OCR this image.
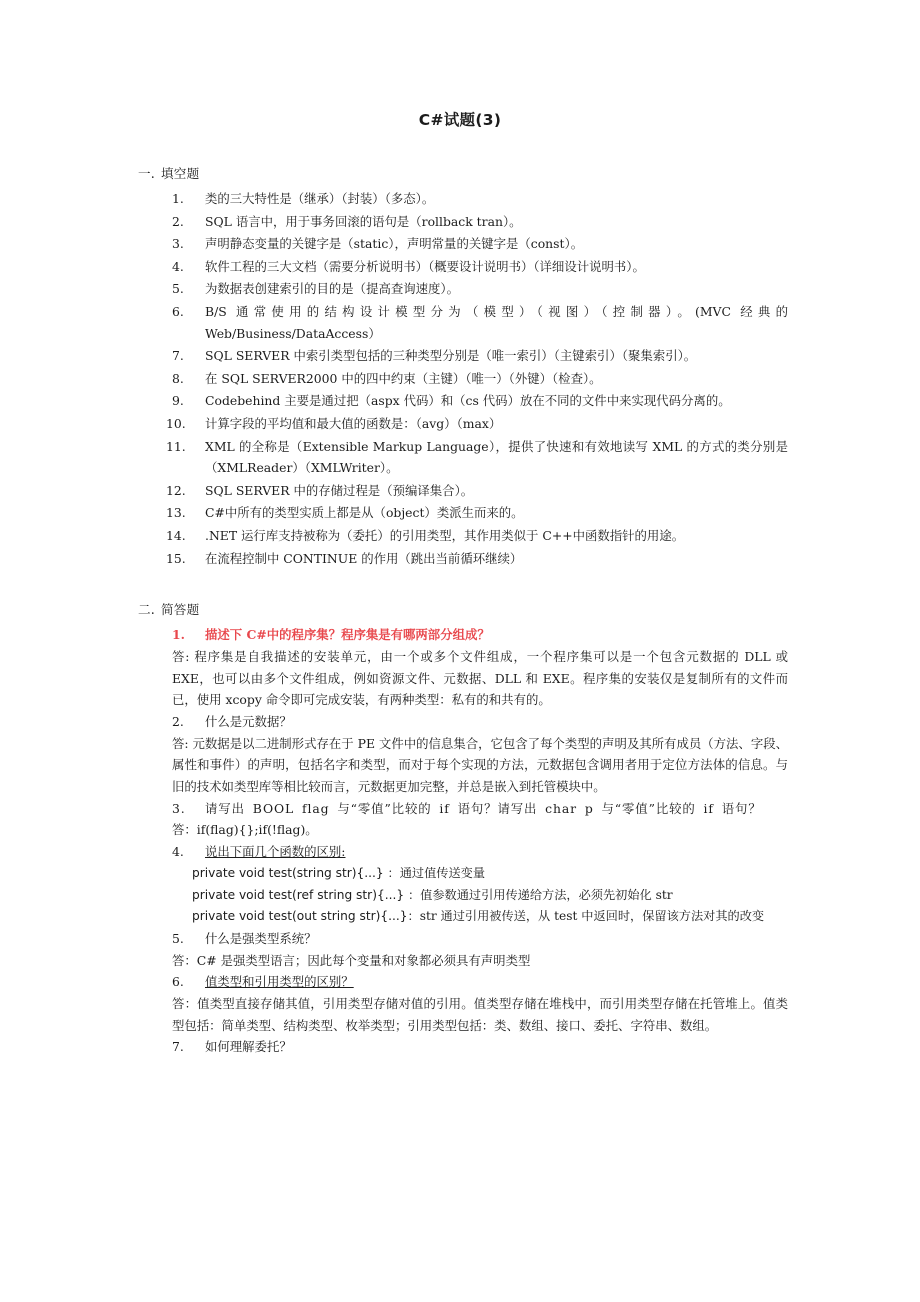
C#试题(3)
一. 填空题
1. 类的三大特性是（继承）（封装）（多态）。
2. SQL 语言中，用于事务回滚的语句是（rollback tran）。
3. 声明静态变量的关键字是（static），声明常量的关键字是（const）。
4. 软件工程的三大文档（需要分析说明书）（概要设计说明书）（详细设计说明书）。
5. 为数据表创建索引的目的是（提高查询速度）。
6. B/S 通常使用的结构设计模型分为（模型）（视图）（控制器）。(MVC 经典的 Web/Business/DataAccess）
7. SQL SERVER 中索引类型包括的三种类型分别是（唯一索引）（主键索引）（聚集索引）。
8. 在 SQL SERVER2000 中的四中约束（主键）（唯一）（外键）（检查）。
9. Codebehind 主要是通过把（aspx 代码）和（cs 代码）放在不同的文件中来实现代码分离的。
10. 计算字段的平均值和最大值的函数是：（avg）（max）
11. XML 的全称是（Extensible Markup Language），提供了快速和有效地读写 XML 的方式的类分别是（XMLReader）（XMLWriter）。
12. SQL SERVER 中的存储过程是（预编译集合）。
13. C#中所有的类型实质上都是从（object）类派生而来的。
14. .NET 运行库支持被称为（委托）的引用类型，其作用类似于 C++中函数指针的用途。
15. 在流程控制中 CONTINUE 的作用（跳出当前循环继续）
二. 简答题
1. 描述下 C#中的程序集？程序集是有哪两部分组成？
答: 程序集是自我描述的安装单元，由一个或多个文件组成，一个程序集可以是一个包含元数据的 DLL 或 EXE，也可以由多个文件组成，例如资源文件、元数据、DLL 和 EXE。程序集的安装仅是复制所有的文件而已，使用 xcopy 命令即可完成安装，有两种类型：私有的和共有的。
2. 什么是元数据？
答: 元数据是以二进制形式存在于 PE 文件中的信息集合，它包含了每个类型的声明及其所有成员（方法、字段、属性和事件）的声明，包括名字和类型，而对于每个实现的方法，元数据包含调用者用于定位方法体的信息。与旧的技术如类型库等相比较而言，元数据更加完整，并总是嵌入到托管模块中。
3. 请写出 BOOL flag 与“零值”比较的 if 语句？请写出 char p 与“零值”比较的 if 语句？
答：if(flag){};if(!flag)。
4. 说出下面几个函数的区别:
private void test(string str){...} ：通过值传送变量
private void test(ref string str){...} ：值参数通过引用传递给方法，必须先初始化 str
private void test(out string str){...}：str 通过引用被传送，从 test 中返回时，保留该方法对其的改变
5. 什么是强类型系统？
答：C# 是强类型语言；因此每个变量和对象都必须具有声明类型
6. 值类型和引用类型的区别？
答：值类型直接存储其值，引用类型存储对值的引用。值类型存储在堆栈中，而引用类型存储在托管堆上。值类型包括：简单类型、结构类型、枚举类型；引用类型包括：类、数组、接口、委托、字符串、数组。
7. 如何理解委托？
